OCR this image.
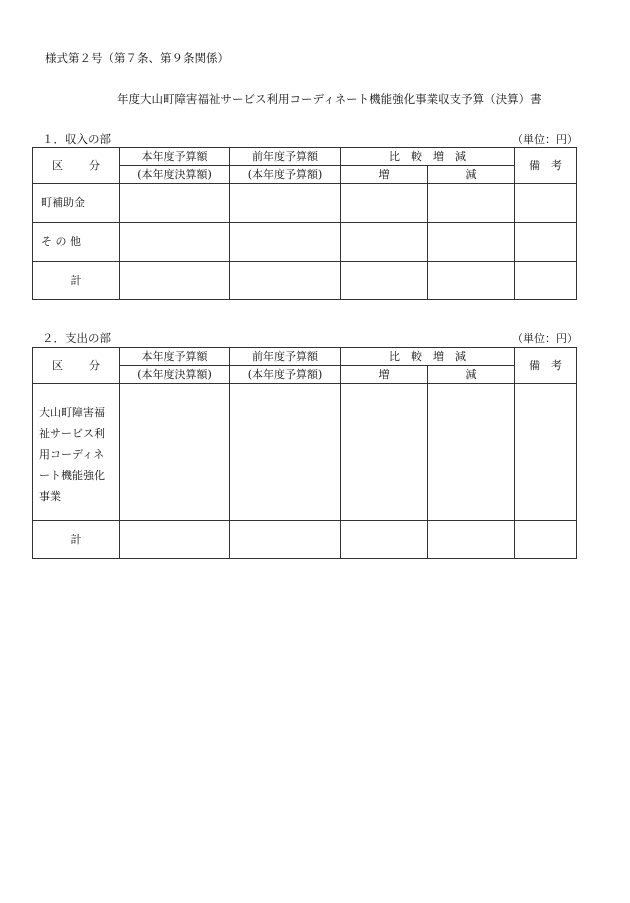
様式第２号（第７条、第９条関係）
年度大山町障害福祉サービス利用コーディネート機能強化事業収支予算（決算）書
１．収入の部	（単位：円）
区 分	本年度予算額	前年度予算額	比　較　増　減		備　考
	(本年度決算額)	(本年度予算額)	増	減	
町補助金					
そ の 他					
計					
２．支出の部	（単位：円）
区 分	本年度予算額	前年度予算額	比　較　増　減		備　考
	(本年度決算額)	(本年度予算額)	増	減	

大山町障害福
祉サービス利
用コーディネ
ート機能強化
事業					

計					
